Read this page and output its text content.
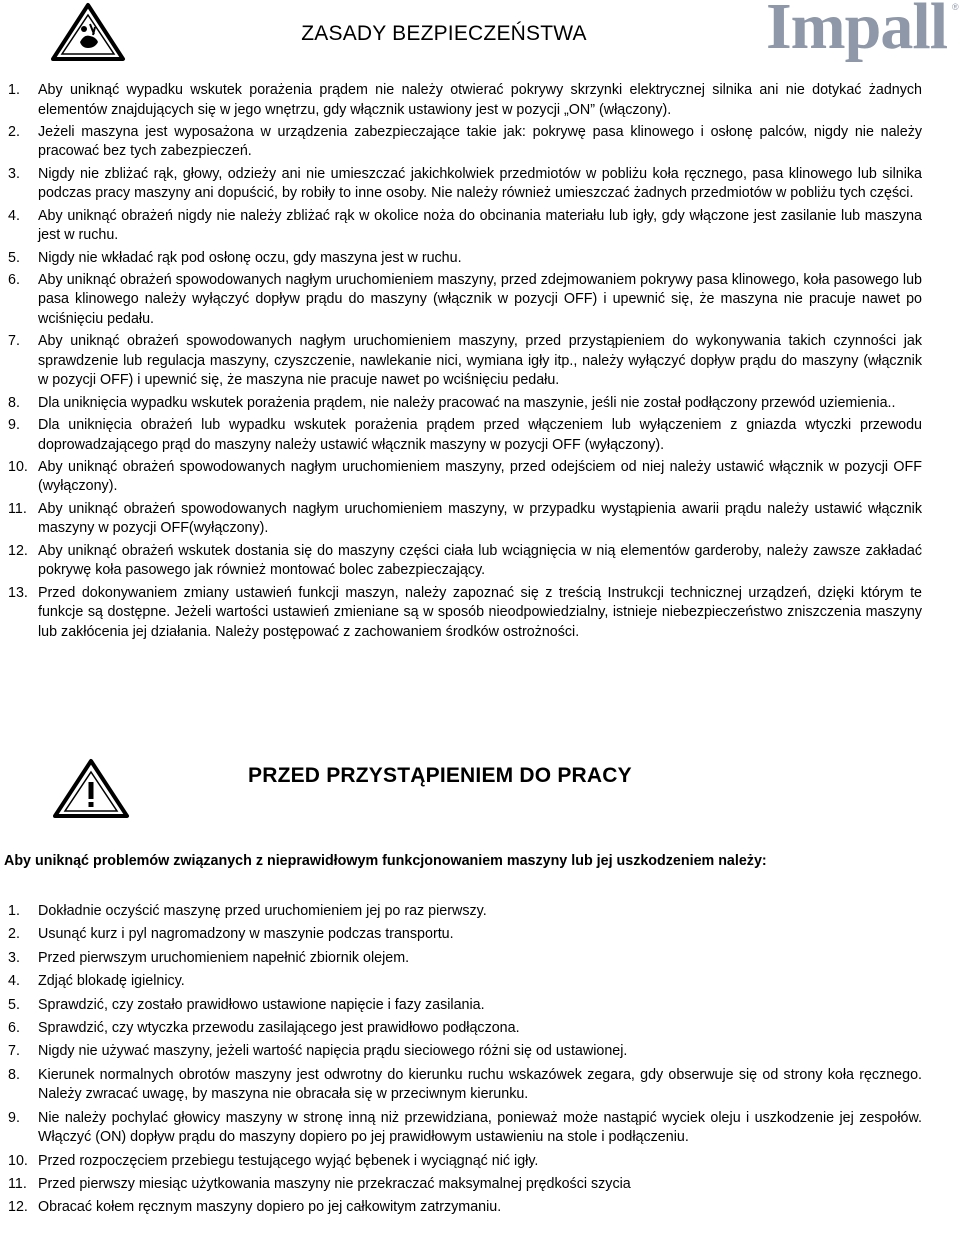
ZASADY BEZPIECZEŃSTWA	Impall ®
1. Aby uniknąć wypadku wskutek porażenia prądem nie należy otwierać pokrywy skrzynki elektrycznej silnika ani nie dotykać żadnych elementów znajdujących się w jego wnętrzu, gdy włącznik ustawiony jest w pozycji „ON” (włączony).
2. Jeżeli maszyna jest wyposażona w urządzenia zabezpieczające takie jak: pokrywę pasa klinowego i osłonę palców, nigdy nie należy pracować bez tych zabezpieczeń.
3. Nigdy nie zbliżać rąk, głowy, odzieży ani nie umieszczać jakichkolwiek przedmiotów w pobliżu koła ręcznego, pasa klinowego lub silnika podczas pracy maszyny ani dopuścić, by robiły to inne osoby. Nie należy również umieszczać żadnych przedmiotów w pobliżu tych części.
4. Aby uniknąć obrażeń nigdy nie należy zbliżać rąk w okolice noża do obcinania materiału lub igły, gdy włączone jest zasilanie lub maszyna jest w ruchu.
5. Nigdy nie wkładać rąk pod osłonę oczu, gdy maszyna jest w ruchu.
6. Aby uniknąć obrażeń spowodowanych nagłym uruchomieniem maszyny, przed zdejmowaniem pokrywy pasa klinowego, koła pasowego lub pasa klinowego należy wyłączyć dopływ prądu do maszyny (włącznik w pozycji OFF) i upewnić się, że maszyna nie pracuje nawet po wciśnięciu pedału.
7. Aby uniknąć obrażeń spowodowanych nagłym uruchomieniem maszyny, przed przystąpieniem do wykonywania takich czynności jak sprawdzenie lub regulacja maszyny, czyszczenie, nawlekanie nici, wymiana igły itp., należy wyłączyć dopływ prądu do maszyny (włącznik w pozycji OFF) i upewnić się, że maszyna nie pracuje nawet po wciśnięciu pedału.
8. Dla uniknięcia wypadku wskutek porażenia prądem, nie należy pracować na maszynie, jeśli nie został podłączony przewód uziemienia..
9. Dla uniknięcia obrażeń lub wypadku wskutek porażenia prądem przed włączeniem lub wyłączeniem z gniazda wtyczki przewodu doprowadzającego prąd do maszyny należy ustawić włącznik maszyny w pozycji OFF (wyłączony).
10. Aby uniknąć obrażeń spowodowanych nagłym uruchomieniem maszyny, przed odejściem od niej należy ustawić włącznik w pozycji OFF (wyłączony).
11. Aby uniknąć obrażeń spowodowanych nagłym uruchomieniem maszyny, w przypadku wystąpienia awarii prądu należy ustawić włącznik maszyny w pozycji OFF(wyłączony).
12. Aby uniknąć obrażeń wskutek dostania się do maszyny części ciała lub wciągnięcia w nią elementów garderoby, należy zawsze zakładać pokrywę koła pasowego jak również montować bolec zabezpieczający.
13. Przed dokonywaniem zmiany ustawień funkcji maszyn, należy zapoznać się z treścią Instrukcji technicznej urządzeń, dzięki którym te funkcje są dostępne. Jeżeli wartości ustawień zmieniane są w sposób nieodpowiedzialny, istnieje niebezpieczeństwo zniszczenia maszyny lub zakłócenia jej działania. Należy postępować z zachowaniem środków ostrożności.
PRZED PRZYSTĄPIENIEM DO PRACY
Aby uniknąć problemów związanych z nieprawidłowym funkcjonowaniem maszyny lub jej uszkodzeniem należy:
1. Dokładnie oczyścić maszynę przed uruchomieniem jej po raz pierwszy.
2. Usunąć kurz i pyl nagromadzony w maszynie podczas transportu.
3. Przed pierwszym uruchomieniem napełnić zbiornik olejem.
4. Zdjąć blokadę igielnicy.
5. Sprawdzić, czy zostało prawidłowo ustawione napięcie i fazy zasilania.
6. Sprawdzić, czy wtyczka przewodu zasilającego jest prawidłowo podłączona.
7. Nigdy nie używać maszyny, jeżeli wartość napięcia prądu sieciowego różni się od ustawionej.
8. Kierunek normalnych obrotów maszyny jest odwrotny do kierunku ruchu wskazówek zegara, gdy obserwuje się od strony koła ręcznego. Należy zwracać uwagę, by maszyna nie obracała się w przeciwnym kierunku.
9. Nie należy pochylać głowicy maszyny w stronę inną niż przewidziana, ponieważ może nastąpić wyciek oleju i uszkodzenie jej zespołów. Włączyć (ON) dopływ prądu do maszyny dopiero po jej prawidłowym ustawieniu na stole i podłączeniu.
10. Przed rozpoczęciem przebiegu testującego wyjąć bębenek i wyciągnąć nić igły.
11. Przed pierwszy miesiąc użytkowania maszyny nie przekraczać maksymalnej prędkości szycia
12. Obracać kołem ręcznym maszyny dopiero po jej całkowitym zatrzymaniu.
